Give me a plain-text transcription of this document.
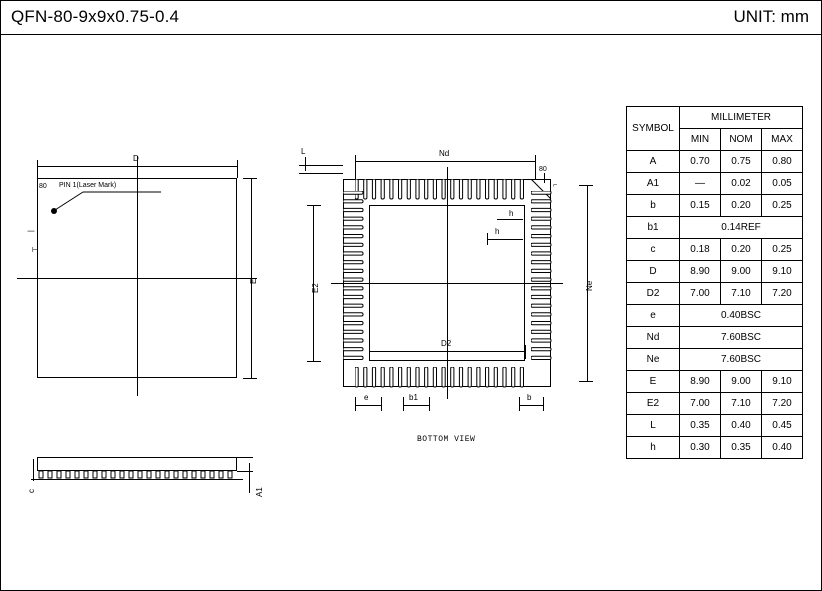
QFN-80-9x9x0.75-0.4	UNIT: mm
80 PIN 1(Laser Mark)
D
E
|
┬
c	A1
Nd
Ne
E2
D2
L
80
⌐
h
h
e	b1	b
BOTTOM VIEW
SYMBOL	MILLIMETER		
	MIN	NOM	MAX
A	0.70	0.75	0.80
A1	—	0.02	0.05
b	0.15	0.20	0.25
b1	0.14REF		
c	0.18	0.20	0.25
D	8.90	9.00	9.10
D2	7.00	7.10	7.20
e	0.40BSC		
Nd	7.60BSC		
Ne	7.60BSC		
E	8.90	9.00	9.10
E2	7.00	7.10	7.20
L	0.35	0.40	0.45
h	0.30	0.35	0.40
